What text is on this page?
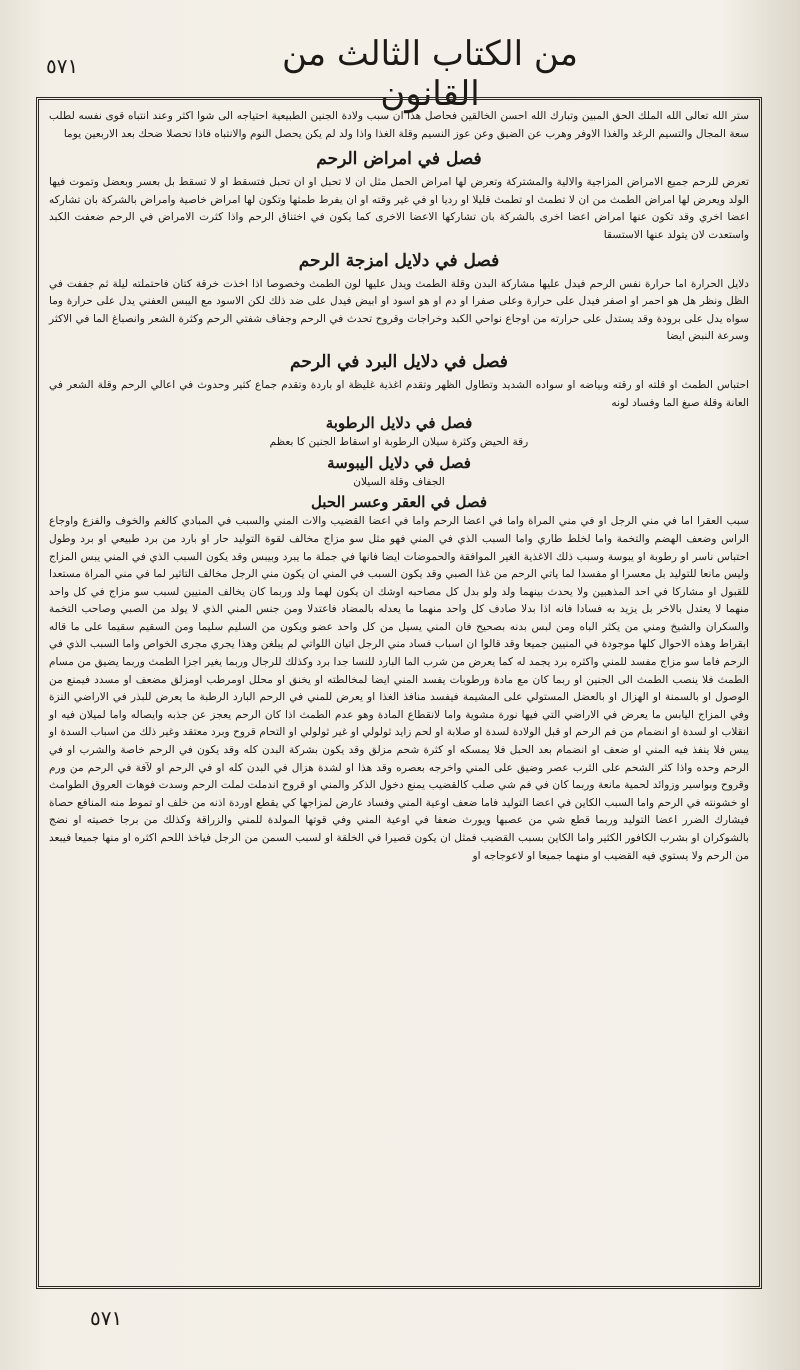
من الكتاب الثالث من القانون
٥٧١

ستر الله تعالى الله الملك الحق المبين وتبارك الله احسن الخالقين فحاصل هذا ان سبب ولادة الجنين الطبيعية احتياجه الى شوا اكثر وعند انتباه قوى نفسه لطلب سعة المجال والتسيم الرغد والغذا الاوفر وهرب عن الضيق وعن عوز النسيم وقلة الغذا واذا ولد لم يكن يحصل النوم والانتباه فاذا تحصلا ضحك بعد الاربعين يوما

فصل في امراض الرحم

تعرض للرحم جميع الامراض المزاجية والالية والمشتركة وتعرض لها امراض الحمل مثل ان لا تحبل او ان تحبل فتسقط او لا تسقط بل بعسر وبعضل وتموت فيها الولد ويعرض لها امراض الطمث من ان لا تطمث او تطمث قليلا او رديا او في غير وقته او ان يفرط طمثها وتكون لها امراض خاصية وامراض بالشركة بان تشاركه اعضا اخري وقد تكون عنها امراض اعضا اخرى بالشركة بان تشاركها الاعضا الاخرى كما يكون في اختناق الرحم واذا كثرت الامراض في الرحم ضعفت الكبد واستعدت لان يتولد عنها الاستسقا

فصل في دلايل امزجة الرحم

دلايل الحرارة اما حرارة نفس الرحم فيدل عليها مشاركة البدن وقلة الطمث ويدل عليها لون الطمث وخصوصا اذا اخذت خرقة كتان فاحتملته ليلة ثم جففت في الظل ونظر هل هو احمر او اصفر فيدل على حرارة وعلى صفرا او دم او هو اسود او ابيض فيدل على ضد ذلك لكن الاسود مع اليبس العفني يدل على حرارة وما سواه يدل على برودة وقد يستدل على حرارته من اوجاع نواحي الكبد وخراجات وقروح تحدث في الرحم وجفاف شفتي الرحم وكثرة الشعر وانصباغ الما في الاكثر وسرعة النبض ايضا

فصل في دلايل البرد في الرحم

احتباس الطمث او قلته او رقته وبياضه او سواده الشديد وتطاول الظهر وتقدم اغذية غليظة او باردة وتقدم جماع كثير وحدوث في اعالي الرحم وقلة الشعر في العانة وقلة صبغ الما وفساد لونه

فصل في دلايل الرطوبة

رقة الحيض وكثرة سيلان الرطوبة او اسقاط الجنين كا بعظم

فصل في دلايل اليبوسة

الجفاف وقلة السيلان

فصل في العقر وعسر الحبل

سبب العقرا اما في مني الرجل او في مني المراة واما في اعضا الرحم واما في اعضا القضيب والات المني والسبب في المبادي كالغم والخوف والفزع واوجاع الراس وضعف الهضم والتخمة واما لخلط طاري واما السبب الذي في المني فهو مثل سو مزاج مخالف لقوة التوليد حار او بارد من برد طبيعي او برد وطول احتباس ناسر او رطوبة او يبوسة وسبب ذلك الاغذية الغير الموافقة والحموضات ايضا فانها في جملة ما يبرد وبيبس وقد يكون السبب الذي في المني يبس المزاج وليس مانعا للتوليد بل معسرا او مفسدا لما ياتي الرحم من غذا الصبي وقد يكون السبب في المني ان يكون مني الرجل مخالف التاثير لما في مني المراة مستعدا للقبول او مشاركا في احد المذهبين ولا يحدث بينهما ولد ولو بدل كل مصاحبه اوشك ان يكون لهما ولد وربما كان يخالف المنيين لسبب سو مزاج في كل واحد منهما لا يعتدل بالاخر بل يزيد به فسادا فانه اذا بدلا صادف كل واحد منهما ما يعدله بالمضاد فاعتدلا ومن جنس المني الذي لا يولد من الصبي وصاحب التخمة والسكران والشيخ ومني من يكثر الباه ومن لبس بدنه بصحيح فان المني يسيل من كل واحد عضو ويكون من السليم سليما ومن السقيم سقيما على ما قاله ابقراط وهذه الاحوال كلها موجودة في المنيين جميعا وقد قالوا ان اسباب فساد مني الرجل اتيان اللواتي لم يبلغن وهذا يجري مجرى الخواص واما السبب الذي في الرحم فاما سو مزاج مفسد للمني واكثره برد يجمد له كما يعرض من شرب الما البارد للنسا جدا برد وكذلك للرجال وربما يغير اجزا الطمث وربما يضيق من مسام الطمث فلا ينصب الطمث الى الجنين او ربما كان مع مادة ورطوبات يفسد المني ايضا لمخالطته او يخنق او محلل اومرطب اومزلق مضعف او مسدد فيمنع من الوصول او بالسمنة او الهزال او بالعضل المستولي على المشيمة فيفسد منافذ الغذا او يعرض للمني في الرحم البارد الرطبة ما يعرض للبذر في الاراضي النزة وفي المزاج اليابس ما يعرض في الاراضي التي فيها نورة مشوية واما لانقطاع المادة وهو عدم الطمث اذا كان الرحم يعجز عن جذبه وايصاله واما لميلان فيه او انقلاب او لسدة او انضمام من فم الرحم او قبل الولادة لسدة او صلابة او لحم زايد ثولولي او غير ثولولي او التحام قروح وبرد معتقد وغير ذلك من اسباب السدة او يبس فلا ينفذ فيه المني او ضعف او انضمام بعد الحبل فلا يمسكه او كثرة شحم مزلق وقد يكون بشركة البدن كله وقد يكون في الرحم خاصة والشرب او في الرحم وحده واذا كثر الشحم على الثرب عصر وضيق على المني واخرجه بعصره وقد هذا او لشدة هزال في البدن كله او في الرحم او لآفة في الرحم من ورم وقروح وبواسير وزوائد لحمية مانعة وربما كان في فم شي صلب كالقضيب يمنع دخول الذكر والمني او قروح اندملت لملت الرحم وسدت فوهات العروق الطوامث او خشونته في الرحم واما السبب الكاين في اعضا التوليد فاما ضعف اوعية المني وفساد عارض لمزاجها كي يقطع اوردة اذنه من خلف او تموط منه المنافع حصاة فيشارك الضرر اعضا التوليد وربما قطع شي من عصبها ويورث ضعفا في اوعية المني وفي قوتها المولدة للمني والزراقة وكذلك من برجا خصيته او نضج بالشوكران او بشرب الكافور الكثير واما الكاين بسبب القضيب فمثل ان يكون قصيرا في الخلقة او لسبب السمن من الرجل فياخذ اللحم اكثره او منها جميعا فيبعد من الرحم ولا يستوي فيه القضيب او منهما جميعا او لاعوجاجه او

٥٧١
